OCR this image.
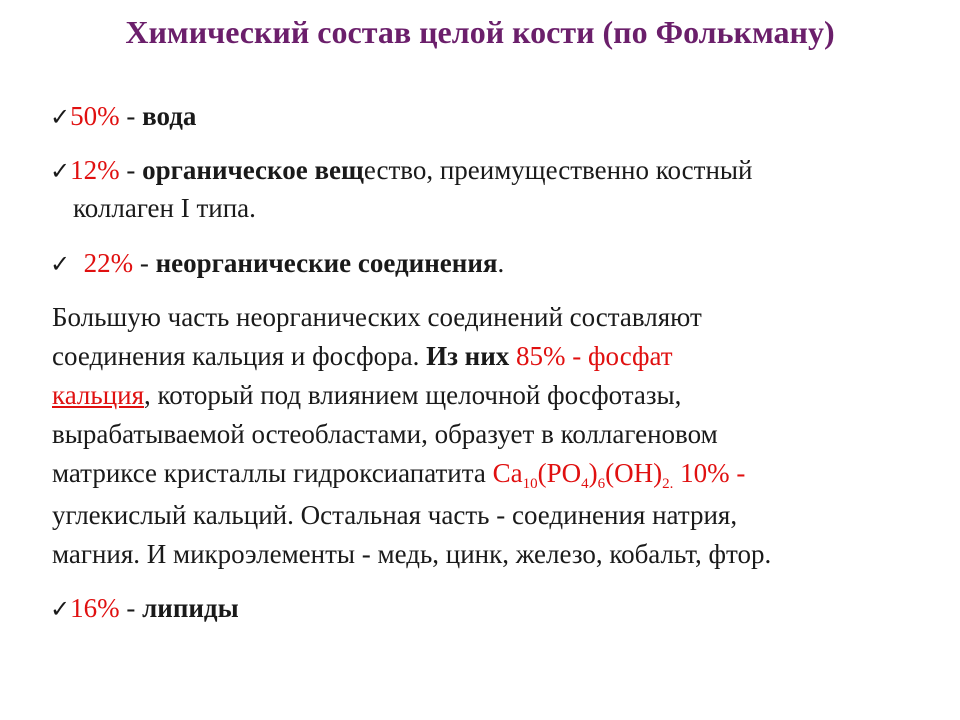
Химический состав целой кости (по Фолькману)
✓50% - вода
✓12% - органическое вещество, преимущественно костный
коллаген I типа.
✓ 22% - неорганические соединения.
Большую часть неорганических соединений составляют
соединения кальция и фосфора. Из них 85% - фосфат
кальция, который под влиянием щелочной фосфотазы,
вырабатываемой остеобластами, образует в коллагеновом
матриксе кристаллы гидроксиапатита $Ca_{10}(PO_4)_6(OH)_{2.}$ 10% -
углекислый кальций. Остальная часть - соединения натрия,
магния. И микроэлементы - медь, цинк, железо, кобальт, фтор.
✓16% - липиды
